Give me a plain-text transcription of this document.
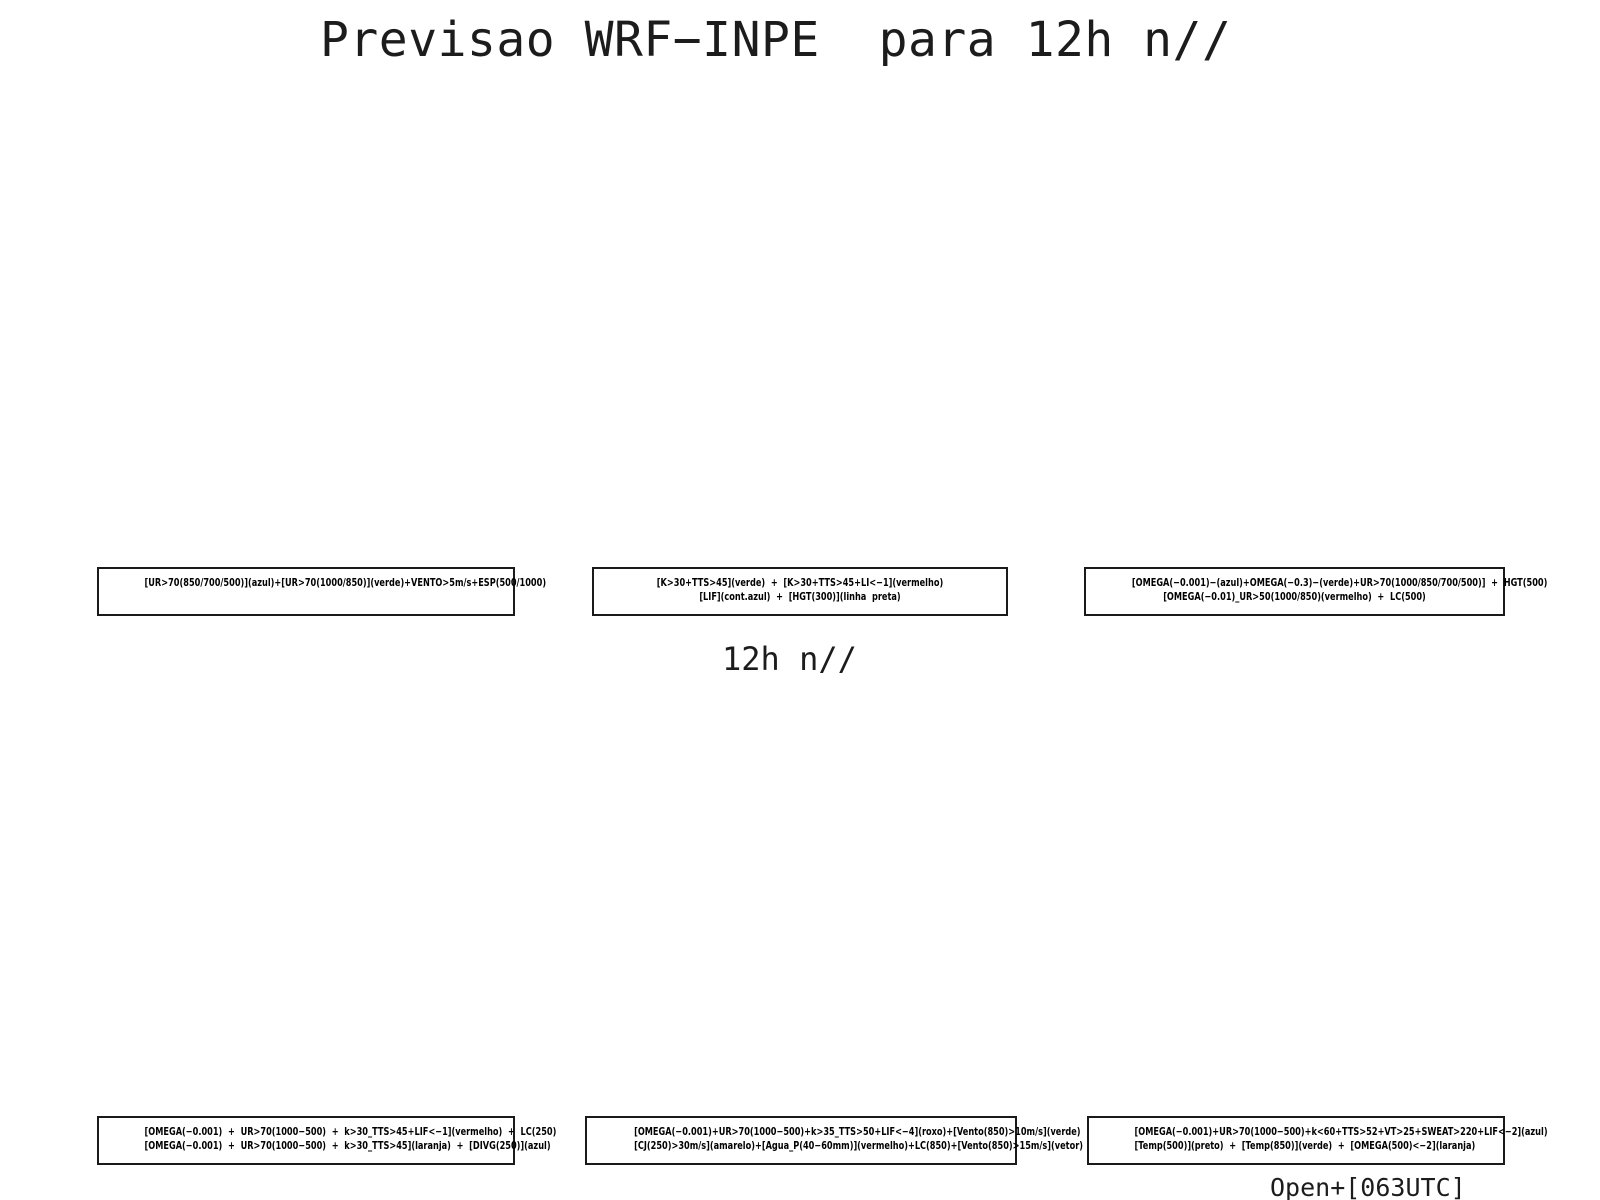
Previsao WRF−INPE  para 12h n//
[UR>70(850/700/500)](azul)+[UR>70(1000/850)](verde)+VENTO>5m/s+ESP(500/1000)	[K>30+TTS>45](verde)  +  [K>30+TTS>45+LI<−1](vermelho)
[LIF](cont.azul)  +  [HGT(300)](linha  preta)
[OMEGA(−0.001)−(azul)+OMEGA(−0.3)−(verde)+UR>70(1000/850/700/500)]  +  HGT(500)
[OMEGA(−0.01)_UR>50(1000/850)(vermelho)  +  LC(500)
12h n//
[OMEGA(−0.001)  +  UR>70(1000−500)  +  k>30_TTS>45+LIF<−1](vermelho)  +  LC(250)
[OMEGA(−0.001)  +  UR>70(1000−500)  +  k>30_TTS>45](laranja)  +  [DIVG(250)](azul)
[OMEGA(−0.001)+UR>70(1000−500)+k>35_TTS>50+LIF<−4](roxo)+[Vento(850)>10m/s](verde)
[CJ(250)>30m/s](amarelo)+[Agua_P(40−60mm)](vermelho)+LC(850)+[Vento(850)>15m/s](vetor)
[OMEGA(−0.001)+UR>70(1000−500)+k<60+TTS>52+VT>25+SWEAT>220+LIF<−2](azul)
[Temp(500)](preto)  +  [Temp(850)](verde)  +  [OMEGA(500)<−2](laranja)
Open+[063UTC]
